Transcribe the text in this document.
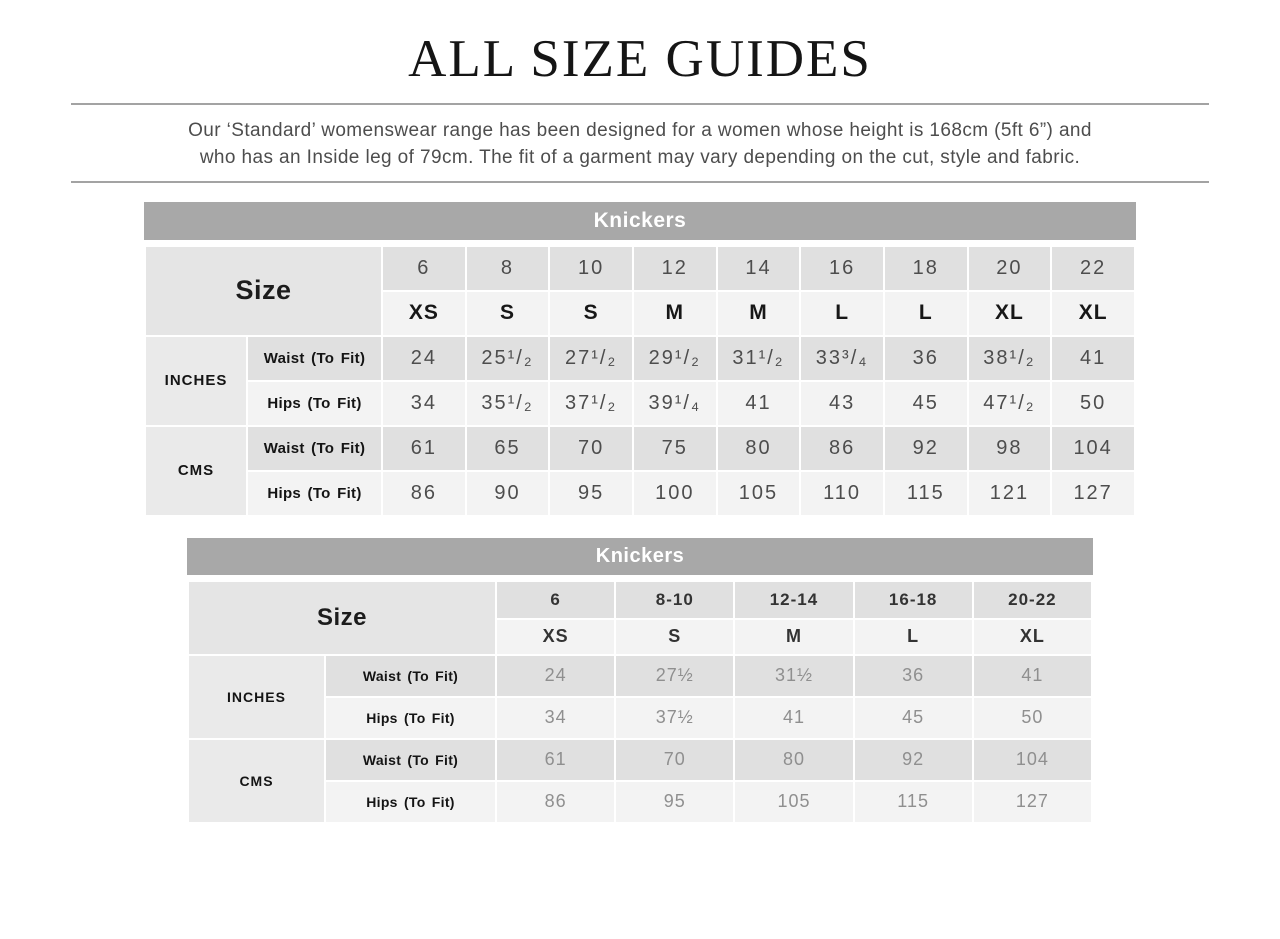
ALL SIZE GUIDES

Our ‘Standard’ womenswear range has been designed for a women whose height is 168cm (5ft 6”) and
who has an Inside leg of 79cm. The fit of a garment may vary depending on the cut, style and fabric.

Knickers
Size		6	8	10	12	14	16	18	20	22
		XS	S	S	M	M	L	L	XL	XL
INCHES	Waist (To Fit)	24	25¹/₂	27¹/₂	29¹/₂	31¹/₂	33³/₄	36	38¹/₂	41
	Hips (To Fit)	34	35¹/₂	37¹/₂	39¹/₄	41	43	45	47¹/₂	50
CMS	Waist (To Fit)	61	65	70	75	80	86	92	98	104
	Hips (To Fit)	86	90	95	100	105	110	115	121	127
Knickers
Size		6	8-10	12-14	16-18	20-22
		XS	S	M	L	XL
INCHES	Waist (To Fit)	24	27½	31½	36	41
	Hips (To Fit)	34	37½	41	45	50
CMS	Waist (To Fit)	61	70	80	92	104
	Hips (To Fit)	86	95	105	115	127
